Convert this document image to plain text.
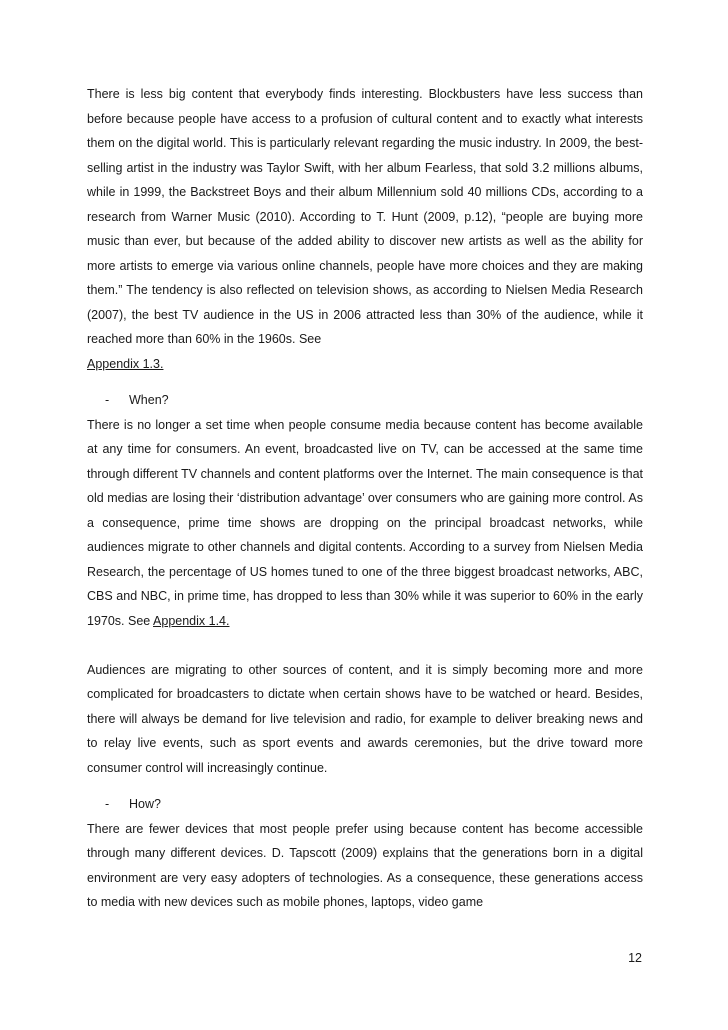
There is less big content that everybody finds interesting. Blockbusters have less success than before because people have access to a profusion of cultural content and to exactly what interests them on the digital world. This is particularly relevant regarding the music industry. In 2009, the best-selling artist in the industry was Taylor Swift, with her album Fearless, that sold 3.2 millions albums, while in 1999, the Backstreet Boys and their album Millennium sold 40 millions CDs, according to a research from Warner Music (2010). According to T. Hunt (2009, p.12), “people are buying more music than ever, but because of the added ability to discover new artists as well as the ability for more artists to emerge via various online channels, people have more choices and they are making them.” The tendency is also reflected on television shows, as according to Nielsen Media Research (2007), the best TV audience in the US in 2006 attracted less than 30% of the audience, while it reached more than 60% in the 1960s. See
Appendix 1.3.

-	When?

There is no longer a set time when people consume media because content has become available at any time for consumers. An event, broadcasted live on TV, can be accessed at the same time through different TV channels and content platforms over the Internet. The main consequence is that old medias are losing their ‘distribution advantage’ over consumers who are gaining more control. As a consequence, prime time shows are dropping on the principal broadcast networks, while audiences migrate to other channels and digital contents. According to a survey from Nielsen Media Research, the percentage of US homes tuned to one of the three biggest broadcast networks, ABC, CBS and NBC, in prime time, has dropped to less than 30% while it was superior to 60% in the early 1970s. See Appendix 1.4.

Audiences are migrating to other sources of content, and it is simply becoming more and more complicated for broadcasters to dictate when certain shows have to be watched or heard. Besides, there will always be demand for live television and radio, for example to deliver breaking news and to relay live events, such as sport events and awards ceremonies, but the drive toward more consumer control will increasingly continue.

-	How?

There are fewer devices that most people prefer using because content has become accessible through many different devices. D. Tapscott (2009) explains that the generations born in a digital environment are very easy adopters of technologies. As a consequence, these generations access to media with new devices such as mobile phones, laptops, video game

12
